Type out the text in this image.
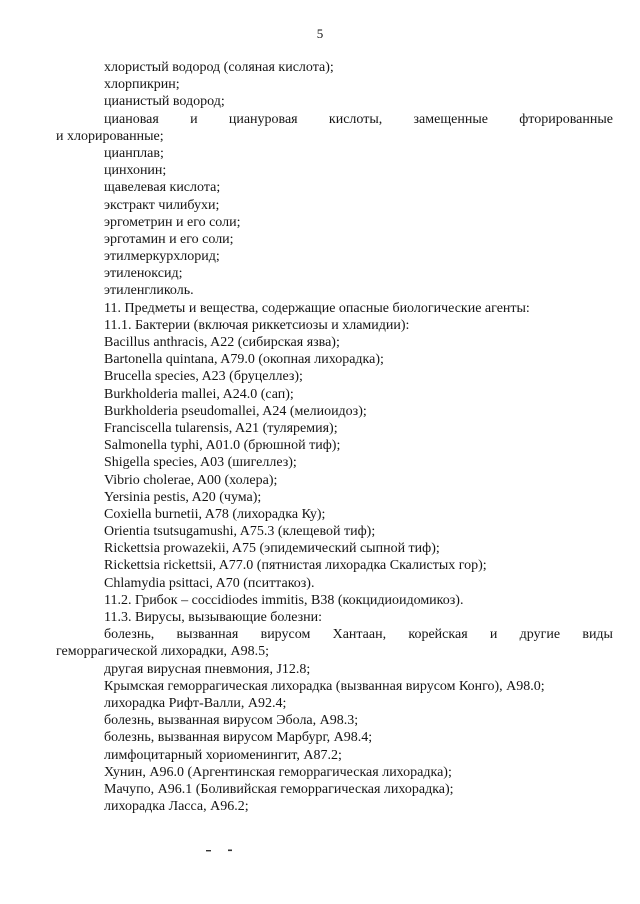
5
хлористый водород (соляная кислота);
хлорпикрин;
цианистый водород;
циановая и циануровая кислоты, замещенные фторированные
и хлорированные;
цианплав;
цинхонин;
щавелевая кислота;
экстракт чилибухи;
эргометрин и его соли;
эрготамин и его соли;
этилмеркурхлорид;
этиленоксид;
этиленгликоль.
11. Предметы и вещества, содержащие опасные биологические агенты:
11.1. Бактерии (включая риккетсиозы и хламидии):
Bacillus anthracis, A22 (сибирская язва);
Bartonella quintana, A79.0 (окопная лихорадка);
Brucella species, A23 (бруцеллез);
Burkholderia mallei, A24.0 (сап);
Burkholderia pseudomallei, A24 (мелиоидоз);
Franciscella tularensis, A21 (туляремия);
Salmonella typhi, A01.0 (брюшной тиф);
Shigella species, A03 (шигеллез);
Vibrio cholerae, A00 (холера);
Yersinia pestis, A20 (чума);
Coxiella burnetii, A78 (лихорадка Ку);
Orientia tsutsugamushi, A75.3 (клещевой тиф);
Rickettsia prowazekii, A75 (эпидемический сыпной тиф);
Rickettsia rickettsii, A77.0 (пятнистая лихорадка Скалистых гор);
Chlamydia psittaci, A70 (пситтакоз).
11.2. Грибок – coccidiodes immitis, B38 (кокцидиоидомикоз).
11.3. Вирусы, вызывающие болезни:
болезнь, вызванная вирусом Хантаан, корейская и другие виды
геморрагической лихорадки, A98.5;
другая вирусная пневмония, J12.8;
Крымская геморрагическая лихорадка (вызванная вирусом Конго), A98.0;
лихорадка Рифт-Валли, A92.4;
болезнь, вызванная вирусом Эбола, A98.3;
болезнь, вызванная вирусом Марбург, A98.4;
лимфоцитарный хориоменингит, A87.2;
Хунин, A96.0 (Аргентинская геморрагическая лихорадка);
Мачупо, A96.1 (Боливийская геморрагическая лихорадка);
лихорадка Ласса, A96.2;
